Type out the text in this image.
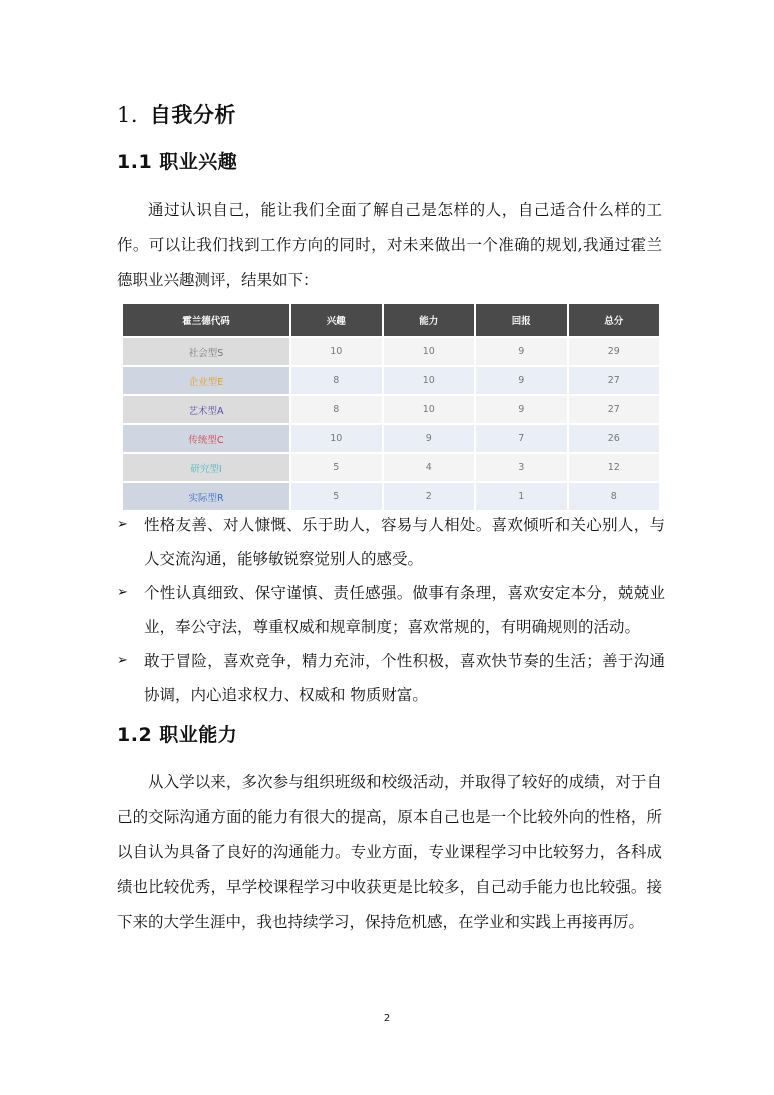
1. 自我分析
1.1 职业兴趣
通过认识自己，能让我们全面了解自己是怎样的人，自己适合什么样的工作。可以让我们找到工作方向的同时，对未来做出一个准确的规划,我通过霍兰德职业兴趣测评，结果如下：
霍兰德代码	兴趣	能力	回报	总分
社会型S	10	10	9	29
企业型E	8	10	9	27
艺术型A	8	10	9	27
传统型C	10	9	7	26
研究型I	5	4	3	12
实际型R	5	2	1	8
➢ 性格友善、对人慷慨、乐于助人，容易与人相处。喜欢倾听和关心别人，与人交流沟通，能够敏锐察觉别人的感受。
➢ 个性认真细致、保守谨慎、责任感强。做事有条理，喜欢安定本分，兢兢业业，奉公守法，尊重权威和规章制度；喜欢常规的，有明确规则的活动。
➢ 敢于冒险，喜欢竞争，精力充沛，个性积极，喜欢快节奏的生活；善于沟通协调，内心追求权力、权威和 物质财富。
1.2 职业能力
从入学以来，多次参与组织班级和校级活动，并取得了较好的成绩，对于自己的交际沟通方面的能力有很大的提高，原本自己也是一个比较外向的性格，所以自认为具备了良好的沟通能力。专业方面，专业课程学习中比较努力，各科成绩也比较优秀，早学校课程学习中收获更是比较多，自己动手能力也比较强。接下来的大学生涯中，我也持续学习，保持危机感，在学业和实践上再接再厉。
2
